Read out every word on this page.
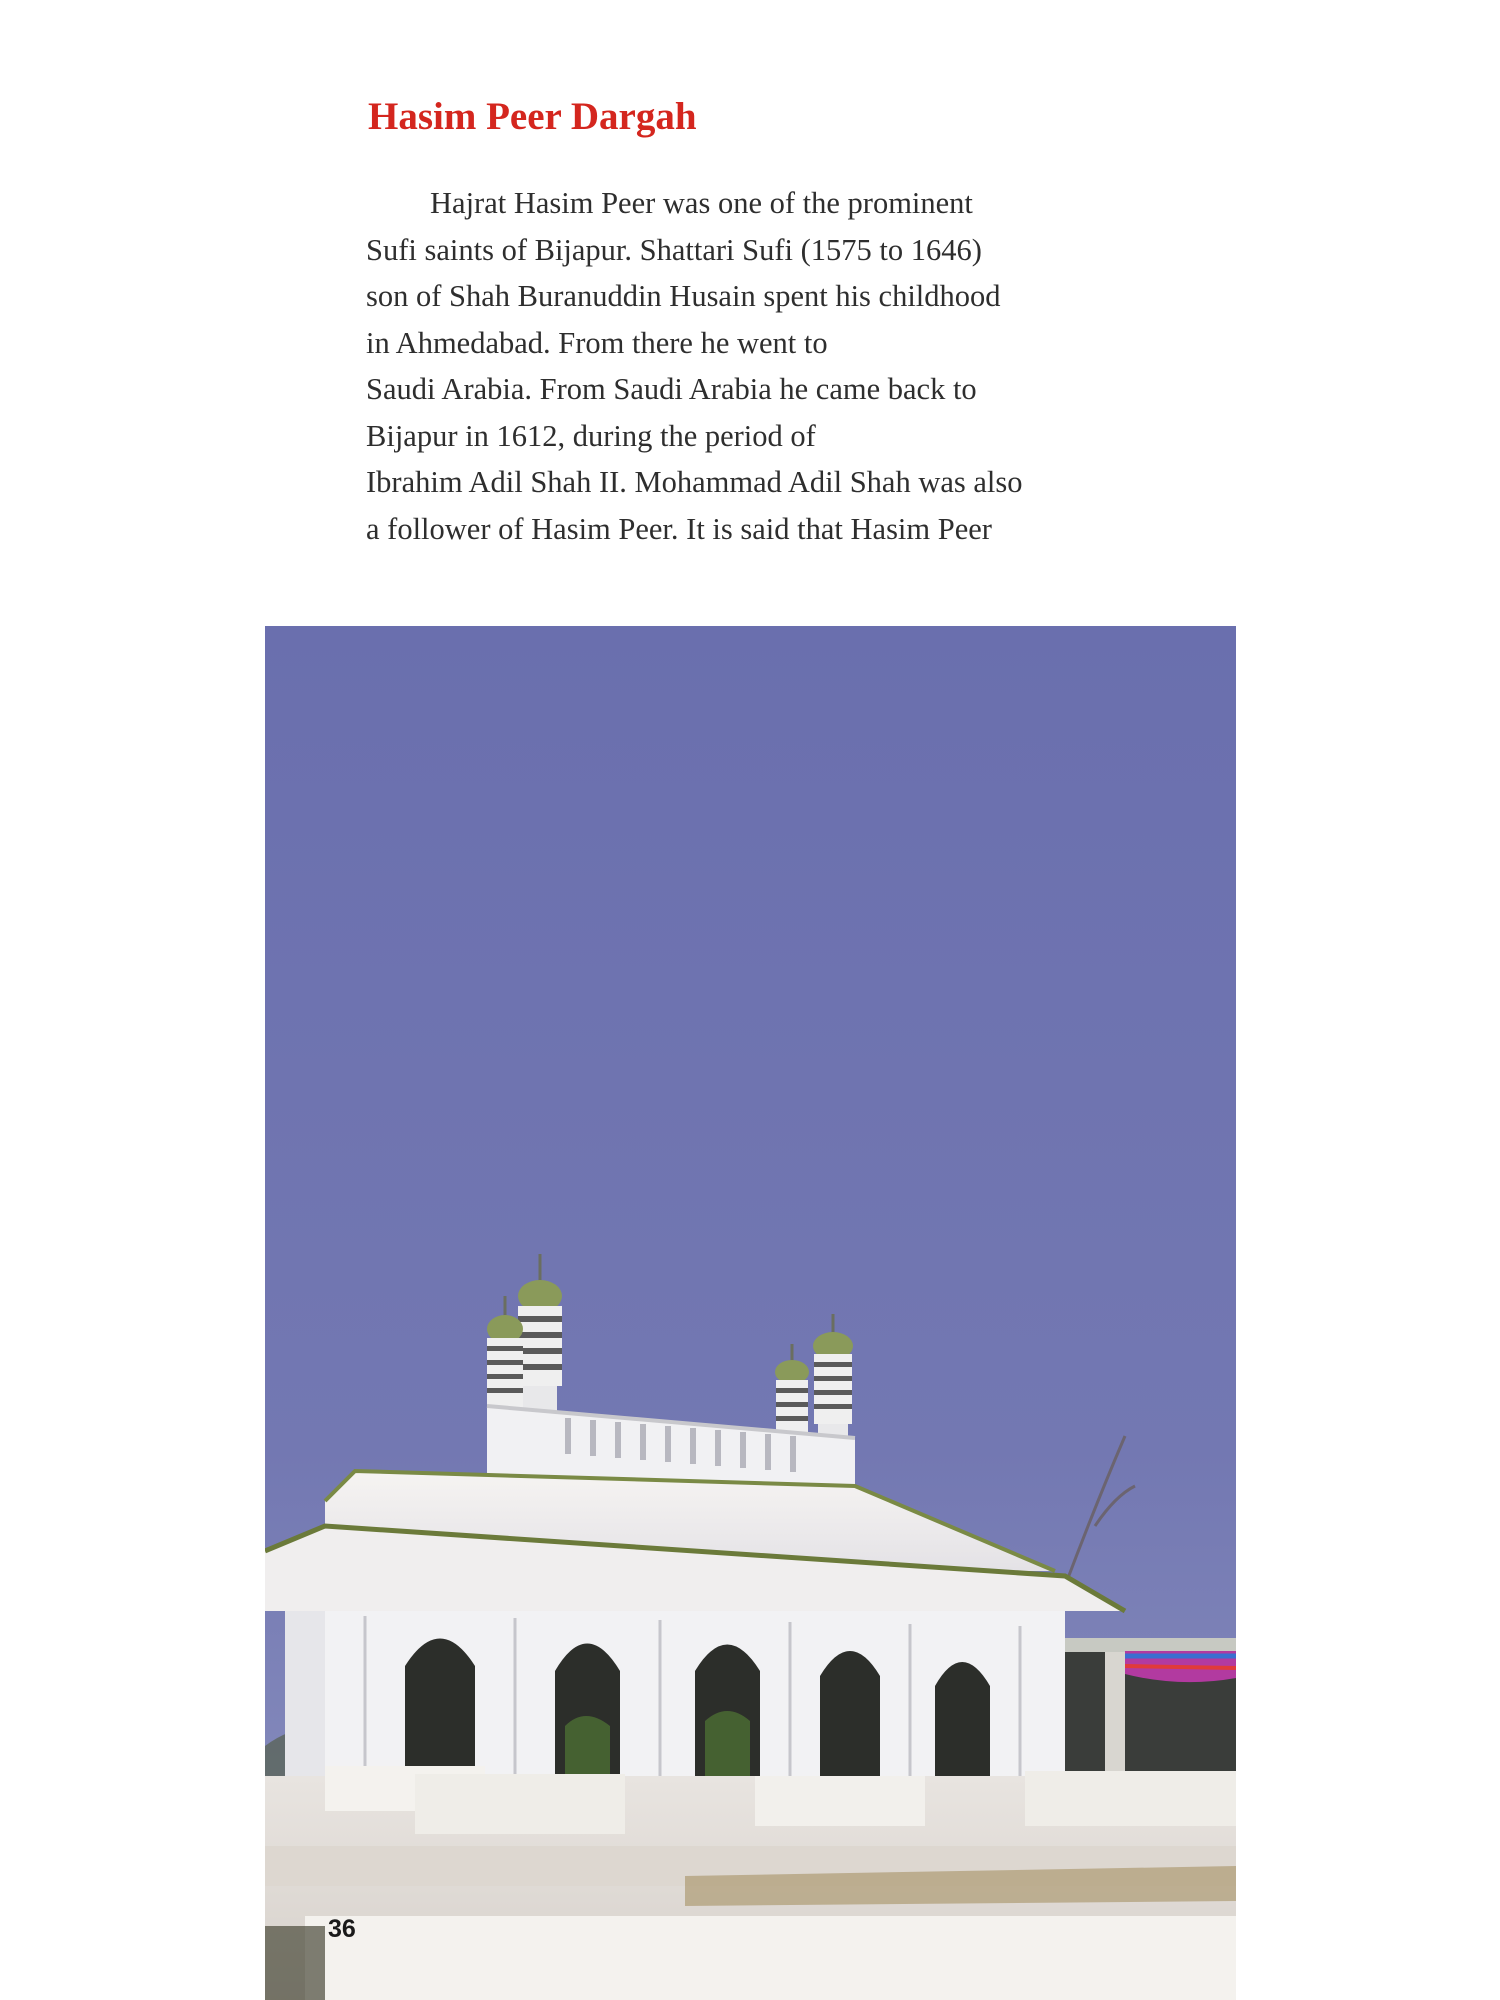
Hasim Peer Dargah

Hajrat Hasim Peer was one of the prominent
Sufi saints of Bijapur. Shattari Sufi (1575 to 1646)
son of Shah Buranuddin Husain spent his childhood
in Ahmedabad. From there he went to
Saudi Arabia. From Saudi Arabia he came back to
Bijapur in 1612, during the period of
Ibrahim Adil Shah II. Mohammad Adil Shah was also
a follower of Hasim Peer. It is said that Hasim Peer

36
